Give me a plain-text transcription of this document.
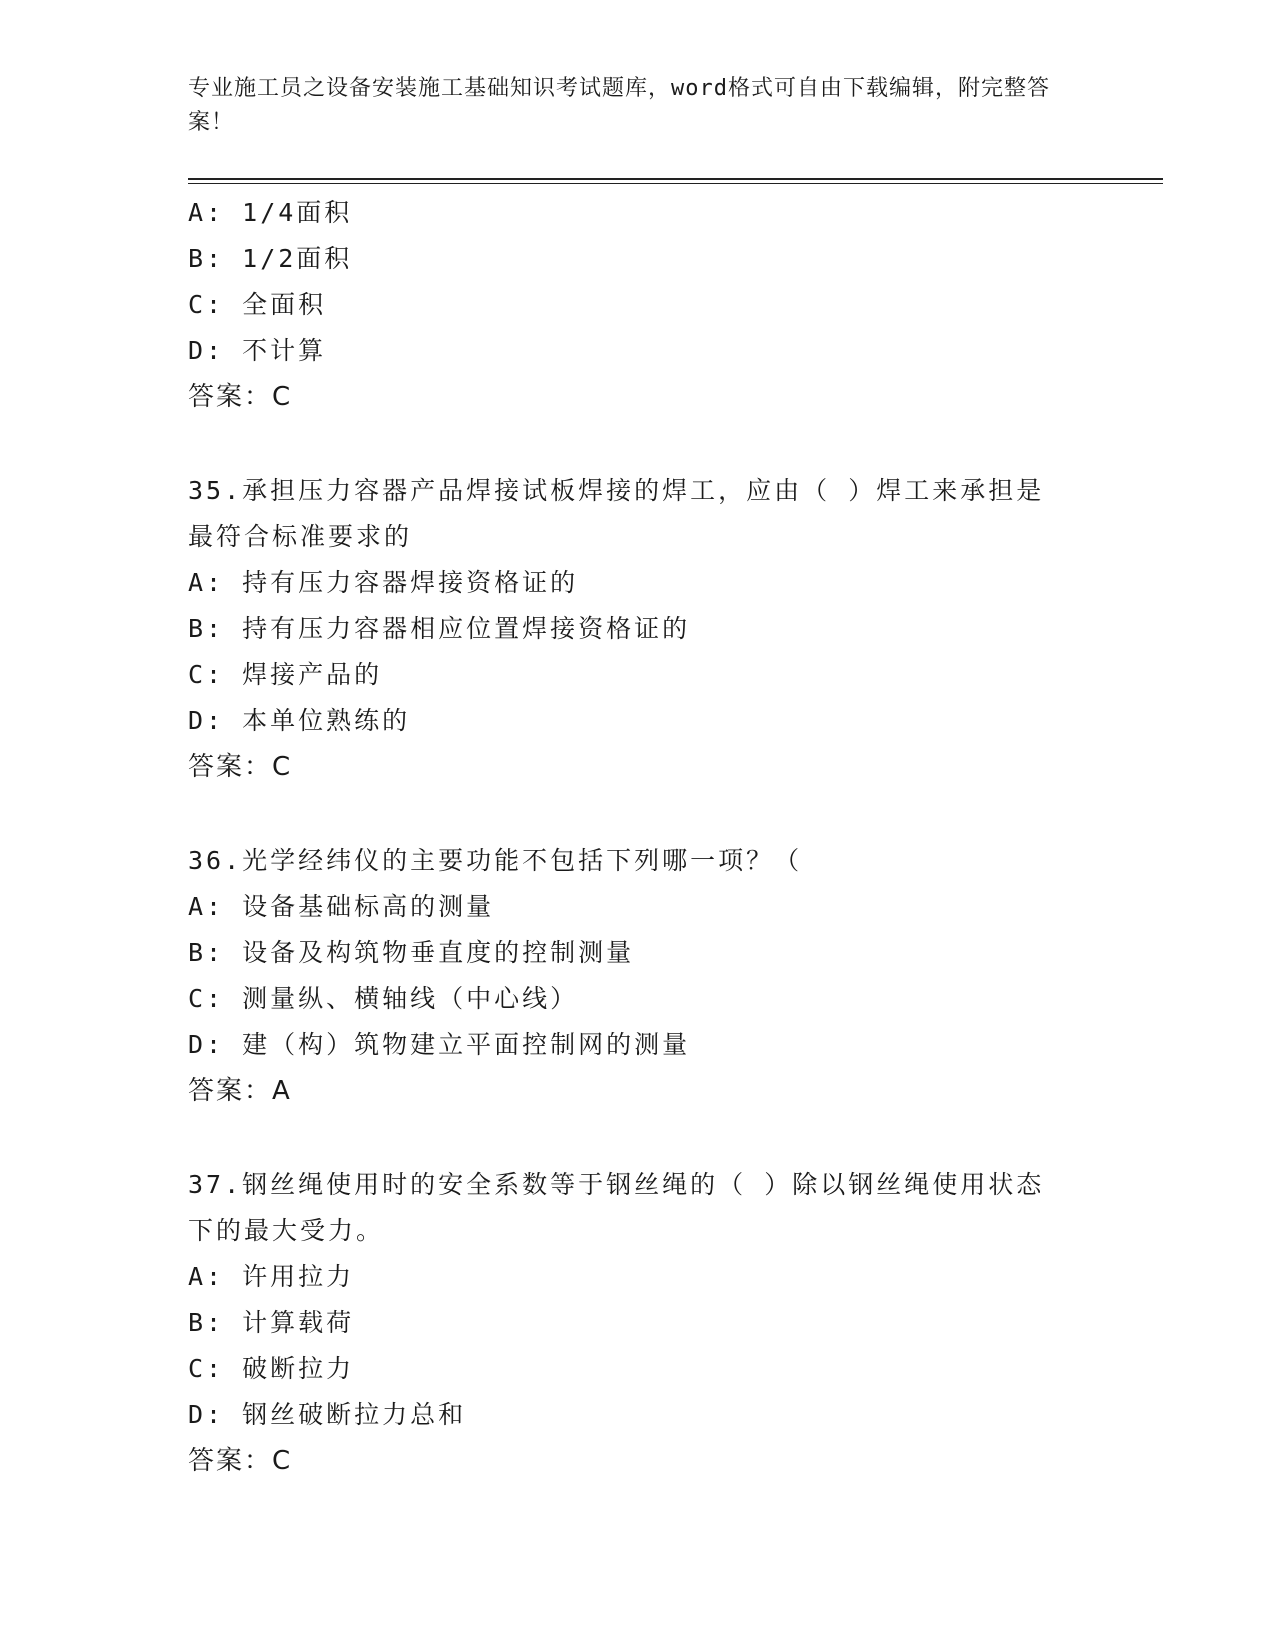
专业施工员之设备安装施工基础知识考试题库，word格式可自由下载编辑，附完整答案！
A: 1/4面积
B: 1/2面积
C: 全面积
D: 不计算
答案：C
35.承担压力容器产品焊接试板焊接的焊工，应由（ ）焊工来承担是
最符合标准要求的
A: 持有压力容器焊接资格证的
B: 持有压力容器相应位置焊接资格证的
C: 焊接产品的
D: 本单位熟练的
答案：C
36.光学经纬仪的主要功能不包括下列哪一项？（
A: 设备基础标高的测量
B: 设备及构筑物垂直度的控制测量
C: 测量纵、横轴线（中心线）
D: 建（构）筑物建立平面控制网的测量
答案：A
37.钢丝绳使用时的安全系数等于钢丝绳的（ ）除以钢丝绳使用状态
下的最大受力。
A: 许用拉力
B: 计算载荷
C: 破断拉力
D: 钢丝破断拉力总和
答案：C
